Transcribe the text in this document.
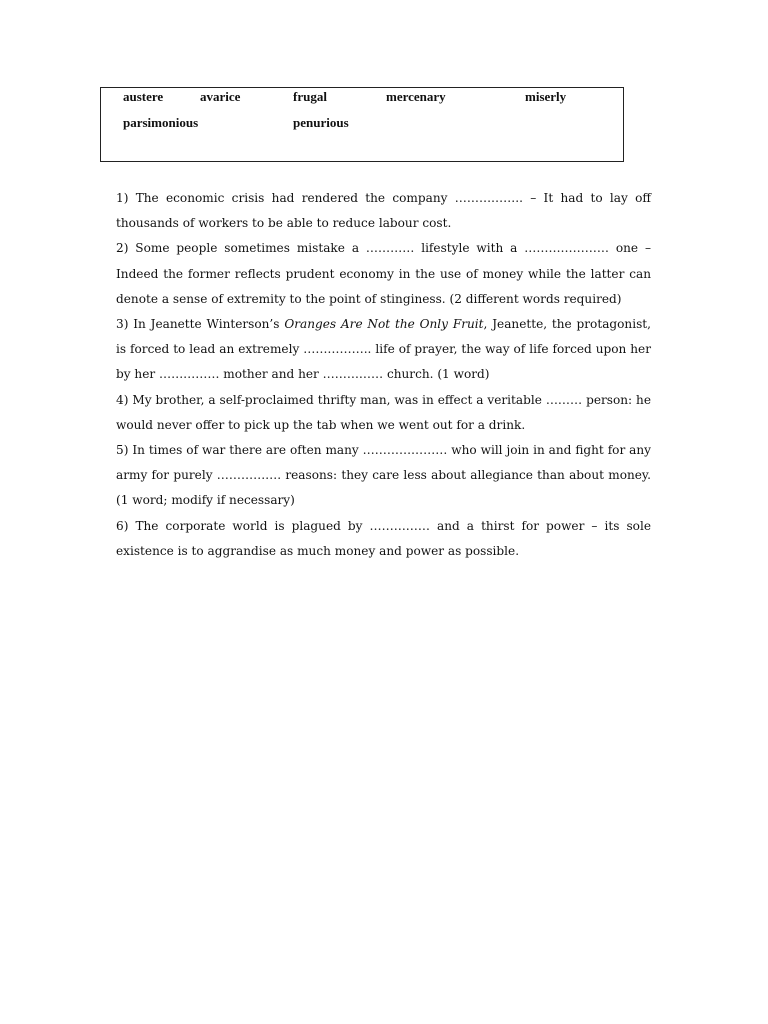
austere	avarice	frugal	mercenary	miserly
parsimonious	penurious

1) The economic crisis had rendered the company …………….. – It had to lay off thousands of workers to be able to reduce labour cost.

2) Some people sometimes mistake a ………… lifestyle with a ………………… one – Indeed the former reflects prudent economy in the use of money while the latter can denote a sense of extremity to the point of stinginess. (2 different words required)

3) In Jeanette Winterson’s Oranges Are Not the Only Fruit, Jeanette, the protagonist, is forced to lead an extremely …………….. life of prayer, the way of life forced upon her by her …………… mother and her …………… church. (1 word)

4) My brother, a self-proclaimed thrifty man, was in effect a veritable ……… person: he would never offer to pick up the tab when we went out for a drink.

5) In times of war there are often many ………………… who will join in and fight for any army for purely ……………. reasons: they care less about allegiance than about money. (1 word; modify if necessary)

6) The corporate world is plagued by …………… and a thirst for power – its sole existence is to aggrandise as much money and power as possible.
